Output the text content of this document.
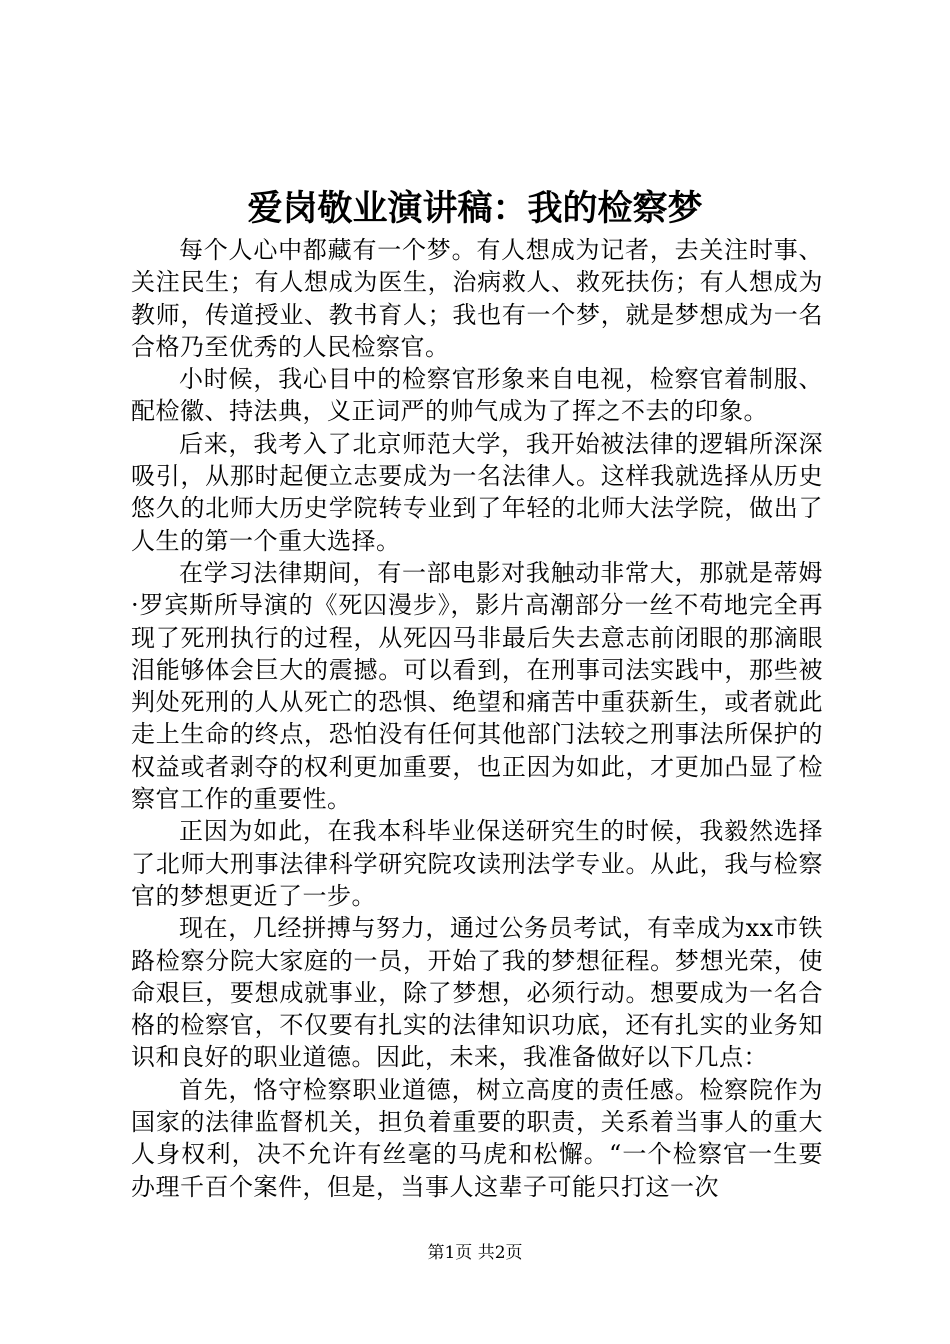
爱岗敬业演讲稿：我的检察梦

每个人心中都藏有一个梦。有人想成为记者，去关注时事、关注民生；有人想成为医生，治病救人、救死扶伤；有人想成为教师，传道授业、教书育人；我也有一个梦，就是梦想成为一名合格乃至优秀的人民检察官。

小时候，我心目中的检察官形象来自电视，检察官着制服、配检徽、持法典，义正词严的帅气成为了挥之不去的印象。

后来，我考入了北京师范大学，我开始被法律的逻辑所深深吸引，从那时起便立志要成为一名法律人。这样我就选择从历史悠久的北师大历史学院转专业到了年轻的北师大法学院，做出了人生的第一个重大选择。

在学习法律期间，有一部电影对我触动非常大，那就是蒂姆·罗宾斯所导演的《死囚漫步》，影片高潮部分一丝不苟地完全再现了死刑执行的过程，从死囚马非最后失去意志前闭眼的那滴眼泪能够体会巨大的震撼。可以看到，在刑事司法实践中，那些被判处死刑的人从死亡的恐惧、绝望和痛苦中重获新生，或者就此走上生命的终点，恐怕没有任何其他部门法较之刑事法所保护的权益或者剥夺的权利更加重要，也正因为如此，才更加凸显了检察官工作的重要性。

正因为如此，在我本科毕业保送研究生的时候，我毅然选择了北师大刑事法律科学研究院攻读刑法学专业。从此，我与检察官的梦想更近了一步。

现在，几经拼搏与努力，通过公务员考试，有幸成为xx市铁路检察分院大家庭的一员，开始了我的梦想征程。梦想光荣，使命艰巨，要想成就事业，除了梦想，必须行动。想要成为一名合格的检察官，不仅要有扎实的法律知识功底，还有扎实的业务知识和良好的职业道德。因此，未来，我准备做好以下几点：

首先，恪守检察职业道德，树立高度的责任感。检察院作为国家的法律监督机关，担负着重要的职责，关系着当事人的重大人身权利，决不允许有丝毫的马虎和松懈。“一个检察官一生要办理千百个案件，但是，当事人这辈子可能只打这一次

第1页 共2页
